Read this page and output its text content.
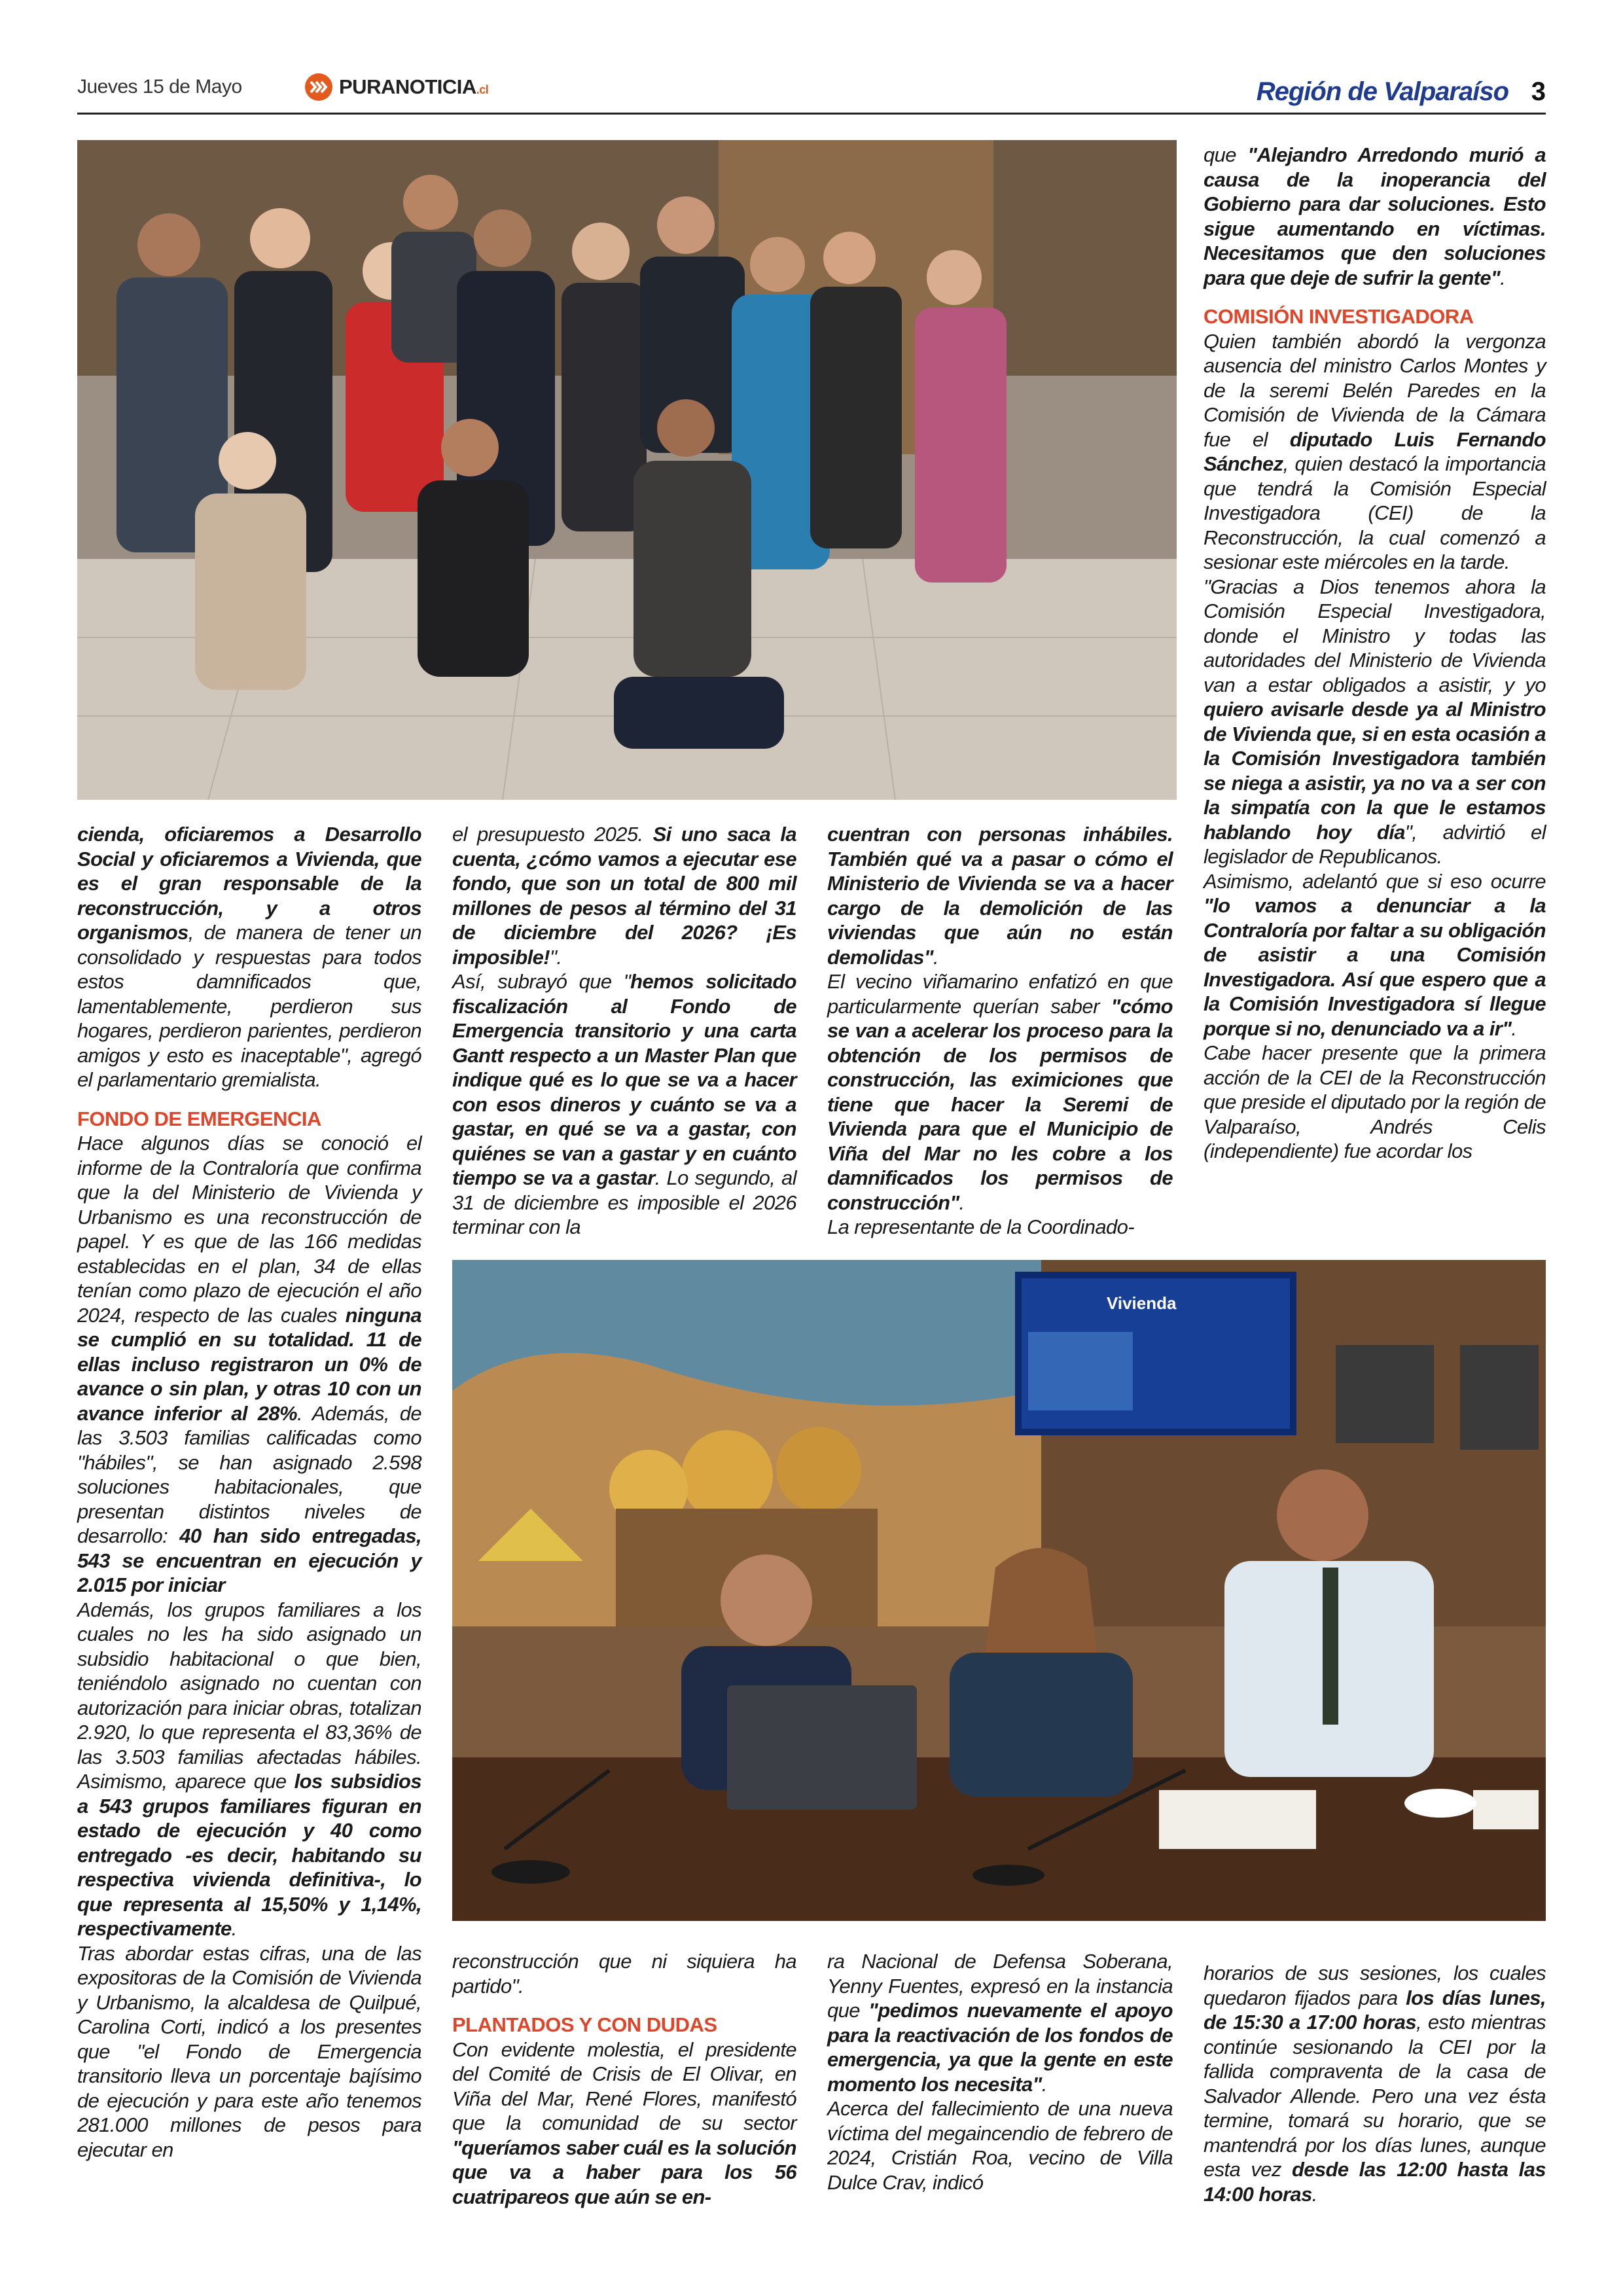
Jueves 15 de Mayo	PURANOTICIA.cl	Región de Valparaíso 3

que "Alejandro Arredondo murió a causa de la inoperancia del Gobierno para dar soluciones. Esto sigue aumentando en víctimas. Necesitamos que den soluciones para que deje de sufrir la gente".

COMISIÓN INVESTIGADORA

Quien también abordó la vergonza ausencia del ministro Carlos Montes y de la seremi Belén Paredes en la Comisión de Vivienda de la Cámara fue el diputado Luis Fernando Sánchez, quien destacó la importancia que tendrá la Comisión Especial Investigadora (CEI) de la Reconstrucción, la cual comenzó a sesionar este miércoles en la tarde.

"Gracias a Dios tenemos ahora la Comisión Especial Investigadora, donde el Ministro y todas las autoridades del Ministerio de Vivienda van a estar obligados a asistir, y yo quiero avisarle desde ya al Ministro de Vivienda que, si en esta ocasión a la Comisión Investigadora también se niega a asistir, ya no va a ser con la simpatía con la que le estamos hablando hoy día", advirtió el legislador de Republicanos.

Asimismo, adelantó que si eso ocurre "lo vamos a denunciar a la Contraloría por faltar a su obligación de asistir a una Comisión Investigadora. Así que espero que a la Comisión Investigadora sí llegue porque si no, denunciado va a ir".

Cabe hacer presente que la primera acción de la CEI de la Reconstrucción que preside el diputado por la región de Valparaíso, Andrés Celis (independiente) fue acordar los

cienda, oficiaremos a Desarrollo Social y oficiaremos a Vivienda, que es el gran responsable de la reconstrucción, y a otros organismos, de manera de tener un consolidado y respuestas para todos estos damnificados que, lamentablemente, perdieron sus hogares, perdieron parientes, perdieron amigos y esto es inaceptable", agregó el parlamentario gremialista.

FONDO DE EMERGENCIA

Hace algunos días se conoció el informe de la Contraloría que confirma que la del Ministerio de Vivienda y Urbanismo es una reconstrucción de papel. Y es que de las 166 medidas establecidas en el plan, 34 de ellas tenían como plazo de ejecución el año 2024, respecto de las cuales ninguna se cumplió en su totalidad. 11 de ellas incluso registraron un 0% de avance o sin plan, y otras 10 con un avance inferior al 28%. Además, de las 3.503 familias calificadas como "hábiles", se han asignado 2.598 soluciones habitacionales, que presentan distintos niveles de desarrollo: 40 han sido entregadas, 543 se encuentran en ejecución y 2.015 por iniciar

Además, los grupos familiares a los cuales no les ha sido asignado un subsidio habitacional o que bien, teniéndolo asignado no cuentan con autorización para iniciar obras, totalizan 2.920, lo que representa el 83,36% de las 3.503 familias afectadas hábiles. Asimismo, aparece que los subsidios a 543 grupos familiares figuran en estado de ejecución y 40 como entregado -es decir, habitando su respectiva vivienda definitiva-, lo que representa al 15,50% y 1,14%, respectivamente.

Tras abordar estas cifras, una de las expositoras de la Comisión de Vivienda y Urbanismo, la alcaldesa de Quilpué, Carolina Corti, indicó a los presentes que "el Fondo de Emergencia transitorio lleva un porcentaje bajísimo de ejecución y para este año tenemos 281.000 millones de pesos para ejecutar en

el presupuesto 2025. Si uno saca la cuenta, ¿cómo vamos a ejecutar ese fondo, que son un total de 800 mil millones de pesos al término del 31 de diciembre del 2026? ¡Es imposible!".

Así, subrayó que "hemos solicitado fiscalización al Fondo de Emergencia transitorio y una carta Gantt respecto a un Master Plan que indique qué es lo que se va a hacer con esos dineros y cuánto se va a gastar, en qué se va a gastar, con quiénes se van a gastar y en cuánto tiempo se va a gastar. Lo segundo, al 31 de diciembre es imposible el 2026 terminar con la

cuentran con personas inhábiles. También qué va a pasar o cómo el Ministerio de Vivienda se va a hacer cargo de la demolición de las viviendas que aún no están demolidas".

El vecino viñamarino enfatizó en que particularmente querían saber "cómo se van a acelerar los proceso para la obtención de los permisos de construcción, las eximiciones que tiene que hacer la Seremi de Vivienda para que el Municipio de Viña del Mar no les cobre a los damnificados los permisos de construcción".

La representante de la Coordinado-

Vivienda

reconstrucción que ni siquiera ha partido".

PLANTADOS Y CON DUDAS

Con evidente molestia, el presidente del Comité de Crisis de El Olivar, en Viña del Mar, René Flores, manifestó que la comunidad de su sector "queríamos saber cuál es la solución que va a haber para los 56 cuatripareos que aún se en-

ra Nacional de Defensa Soberana, Yenny Fuentes, expresó en la instancia que "pedimos nuevamente el apoyo para la reactivación de los fondos de emergencia, ya que la gente en este momento los necesita".

Acerca del fallecimiento de una nueva víctima del megaincendio de febrero de 2024, Cristián Roa, vecino de Villa Dulce Crav, indicó

horarios de sus sesiones, los cuales quedaron fijados para los días lunes, de 15:30 a 17:00 horas, esto mientras continúe sesionando la CEI por la fallida compraventa de la casa de Salvador Allende. Pero una vez ésta termine, tomará su horario, que se mantendrá por los días lunes, aunque esta vez desde las 12:00 hasta las 14:00 horas.
